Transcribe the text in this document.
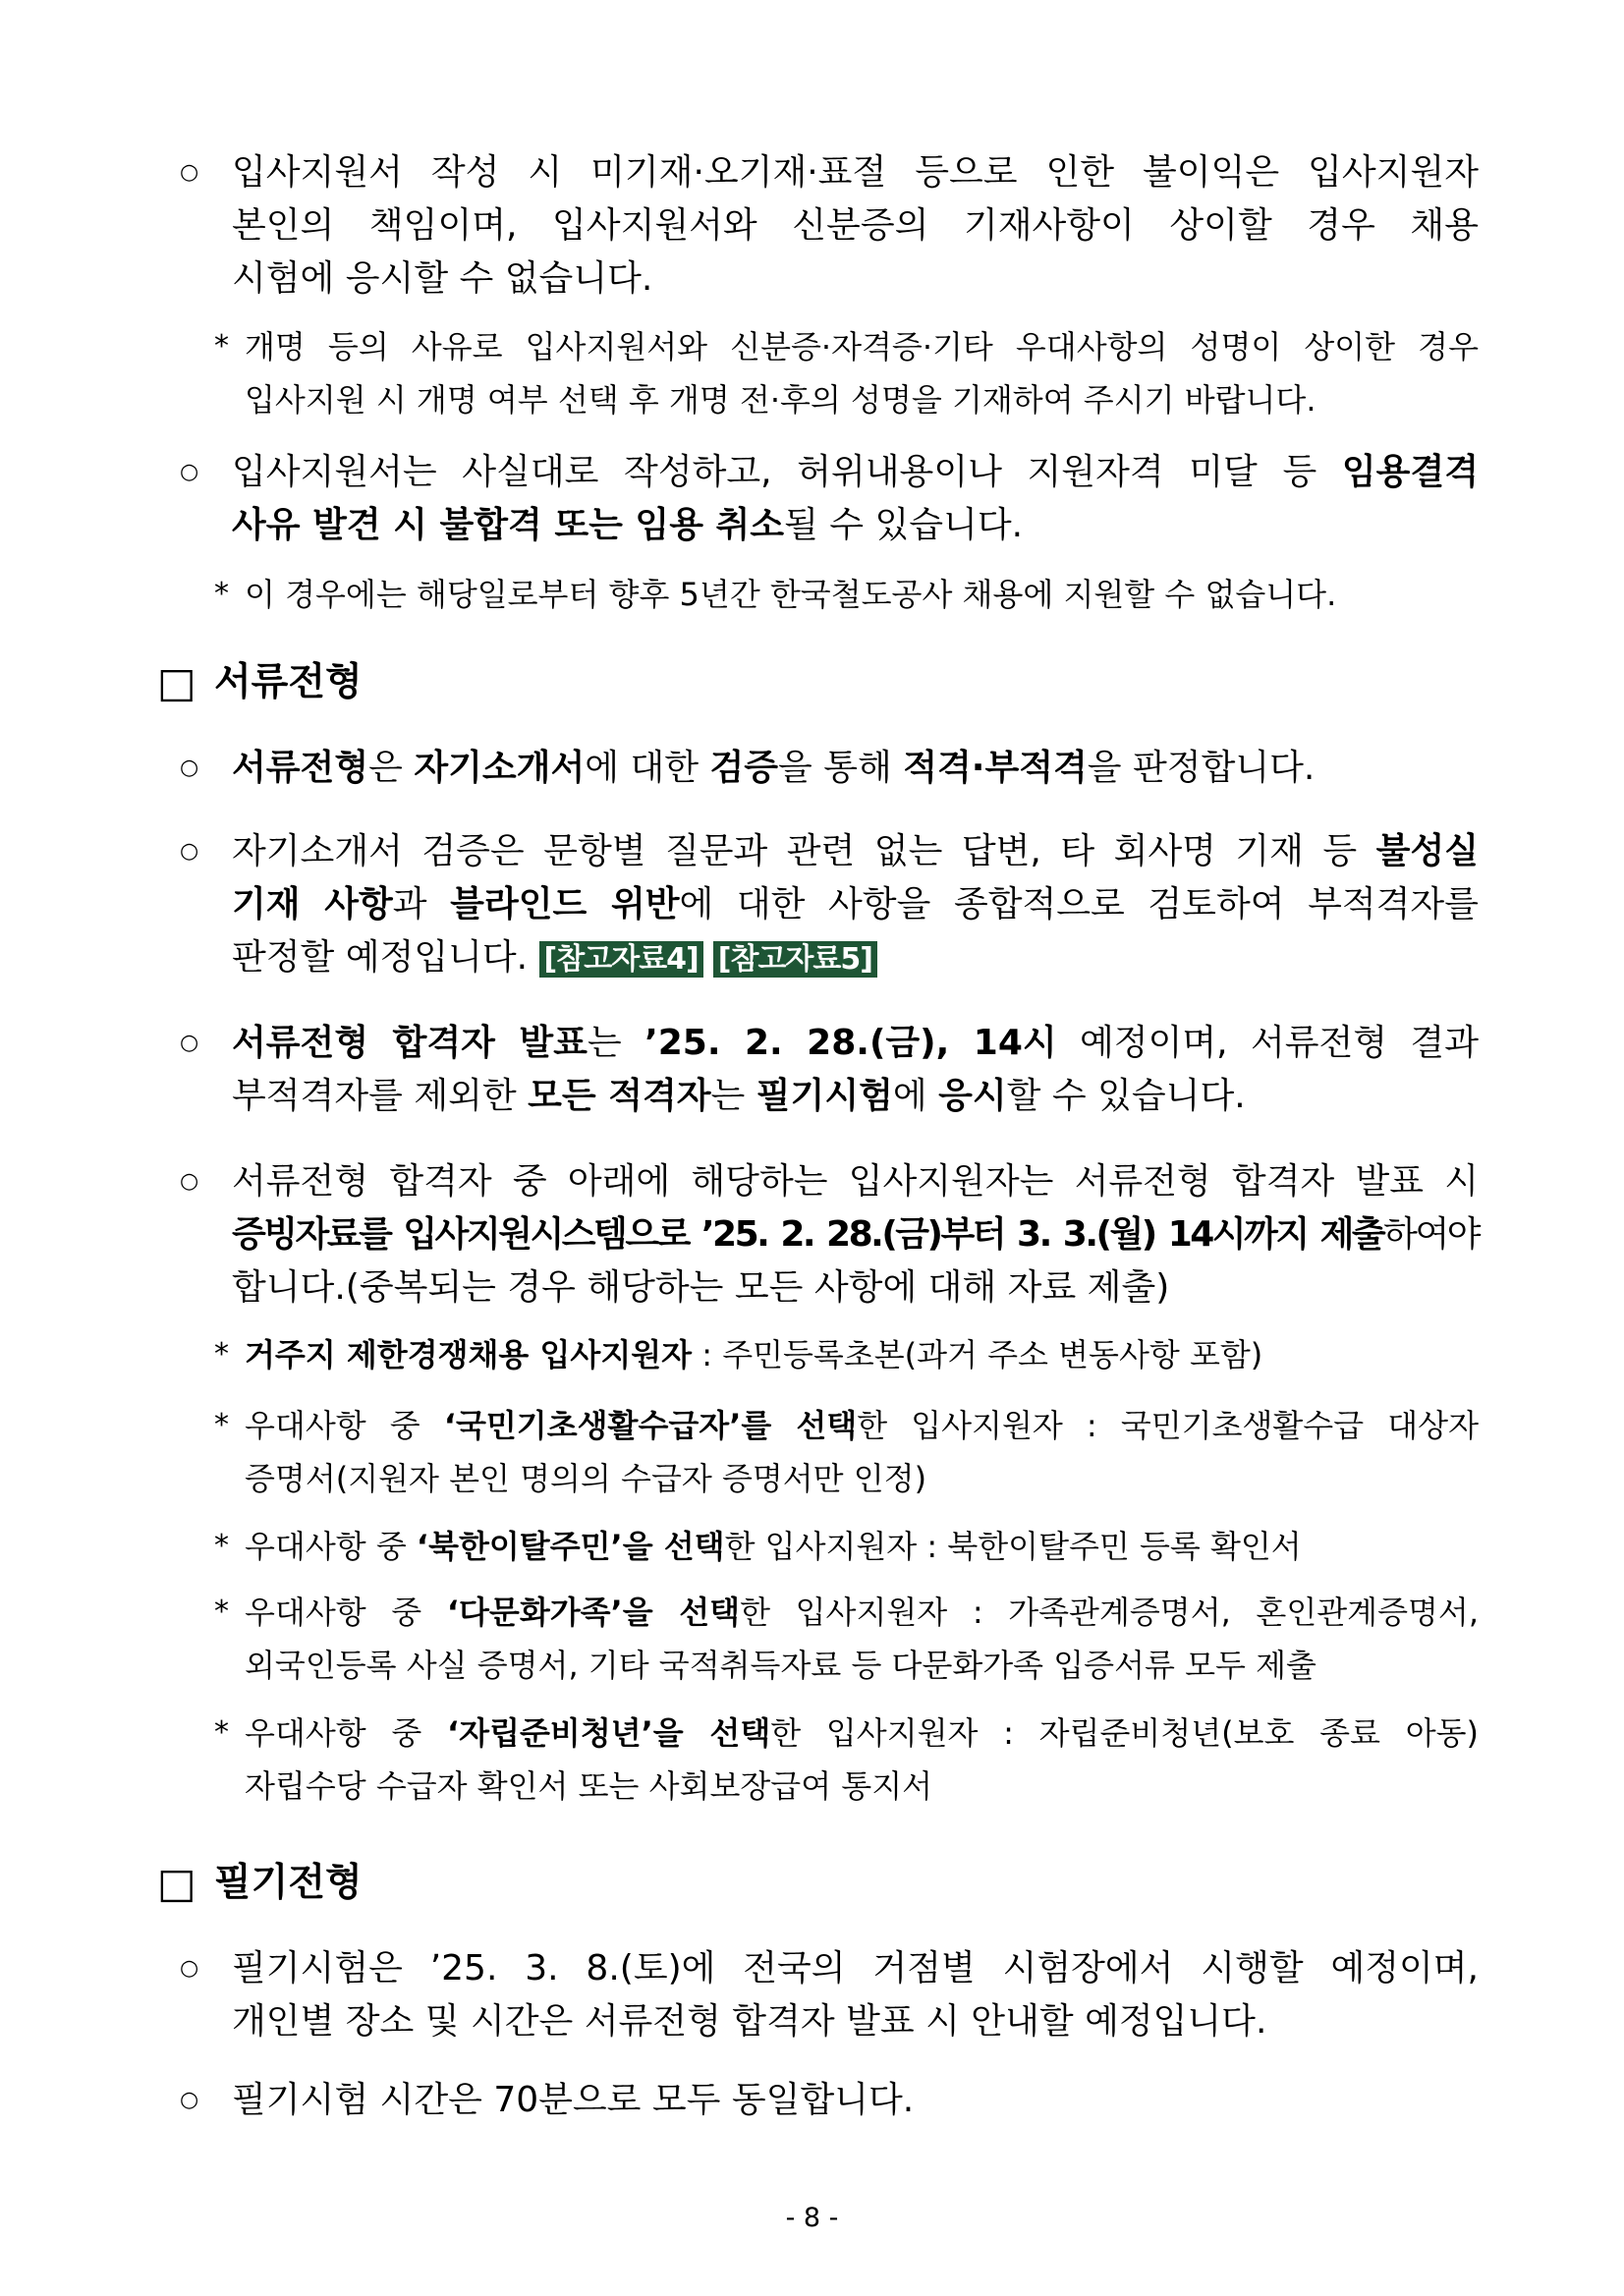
○ 입사지원서 작성 시 미기재·오기재·표절 등으로 인한 불이익은 입사지원자
본인의 책임이며, 입사지원서와 신분증의 기재사항이 상이할 경우 채용
시험에 응시할 수 없습니다.
* 개명 등의 사유로 입사지원서와 신분증·자격증·기타 우대사항의 성명이 상이한 경우
입사지원 시 개명 여부 선택 후 개명 전·후의 성명을 기재하여 주시기 바랍니다.
○ 입사지원서는 사실대로 작성하고, 허위내용이나 지원자격 미달 등 임용결격
사유 발견 시 불합격 또는 임용 취소될 수 있습니다.
* 이 경우에는 해당일로부터 향후 5년간 한국철도공사 채용에 지원할 수 없습니다.
□ 서류전형
○ 서류전형은 자기소개서에 대한 검증을 통해 적격·부적격을 판정합니다.
○ 자기소개서 검증은 문항별 질문과 관련 없는 답변, 타 회사명 기재 등 불성실
기재 사항과 블라인드 위반에 대한 사항을 종합적으로 검토하여 부적격자를
판정할 예정입니다. [참고자료4] [참고자료5]
○ 서류전형 합격자 발표는 ’25. 2. 28.(금), 14시 예정이며, 서류전형 결과
부적격자를 제외한 모든 적격자는 필기시험에 응시할 수 있습니다.
○ 서류전형 합격자 중 아래에 해당하는 입사지원자는 서류전형 합격자 발표 시
증빙자료를 입사지원시스템으로 ’25. 2. 28.(금)부터 3. 3.(월) 14시까지 제출하여야
합니다.(중복되는 경우 해당하는 모든 사항에 대해 자료 제출)
* 거주지 제한경쟁채용 입사지원자 : 주민등록초본(과거 주소 변동사항 포함)
* 우대사항 중 ‘국민기초생활수급자’를 선택한 입사지원자 : 국민기초생활수급 대상자
증명서(지원자 본인 명의의 수급자 증명서만 인정)
* 우대사항 중 ‘북한이탈주민’을 선택한 입사지원자 : 북한이탈주민 등록 확인서
* 우대사항 중 ‘다문화가족’을 선택한 입사지원자 : 가족관계증명서, 혼인관계증명서,
외국인등록 사실 증명서, 기타 국적취득자료 등 다문화가족 입증서류 모두 제출
* 우대사항 중 ‘자립준비청년’을 선택한 입사지원자 : 자립준비청년(보호 종료 아동)
자립수당 수급자 확인서 또는 사회보장급여 통지서
□ 필기전형
○ 필기시험은 ’25. 3. 8.(토)에 전국의 거점별 시험장에서 시행할 예정이며,
개인별 장소 및 시간은 서류전형 합격자 발표 시 안내할 예정입니다.
○ 필기시험 시간은 70분으로 모두 동일합니다.
- 8 -
